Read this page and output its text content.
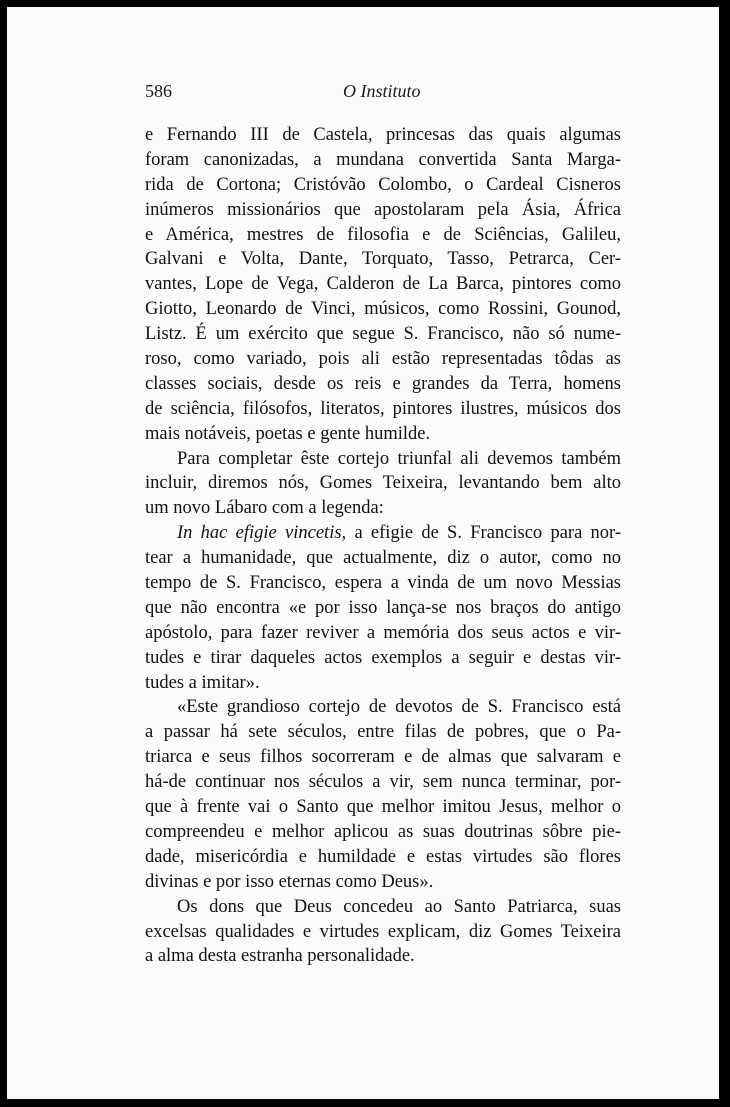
586	O Instituto
e Fernando III de Castela, princesas das quais algumas
foram canonizadas, a mundana convertida Santa Marga-
rida de Cortona; Cristóvão Colombo, o Cardeal Cisneros
inúmeros missionários que apostolaram pela Ásia, África
e América, mestres de filosofia e de Sciências, Galileu,
Galvani e Volta, Dante, Torquato, Tasso, Petrarca, Cer-
vantes, Lope de Vega, Calderon de La Barca, pintores como
Giotto, Leonardo de Vinci, músicos, como Rossini, Gounod,
Listz. É um exército que segue S. Francisco, não só nume-
roso, como variado, pois ali estão representadas tôdas as
classes sociais, desde os reis e grandes da Terra, homens
de sciência, filósofos, literatos, pintores ilustres, músicos dos
mais notáveis, poetas e gente humilde.
Para completar êste cortejo triunfal ali devemos também
incluir, diremos nós, Gomes Teixeira, levantando bem alto
um novo Lábaro com a legenda:
In hac efigie vincetis, a efigie de S. Francisco para nor-
tear a humanidade, que actualmente, diz o autor, como no
tempo de S. Francisco, espera a vinda de um novo Messias
que não encontra «e por isso lança-se nos braços do antigo
apóstolo, para fazer reviver a memória dos seus actos e vir-
tudes e tirar daqueles actos exemplos a seguir e destas vir-
tudes a imitar».
«Este grandioso cortejo de devotos de S. Francisco está
a passar há sete séculos, entre filas de pobres, que o Pa-
triarca e seus filhos socorreram e de almas que salvaram e
há-de continuar nos séculos a vir, sem nunca terminar, por-
que à frente vai o Santo que melhor imitou Jesus, melhor o
compreendeu e melhor aplicou as suas doutrinas sôbre pie-
dade, misericórdia e humildade e estas virtudes são flores
divinas e por isso eternas como Deus».
Os dons que Deus concedeu ao Santo Patriarca, suas
excelsas qualidades e virtudes explicam, diz Gomes Teixeira
a alma desta estranha personalidade.
